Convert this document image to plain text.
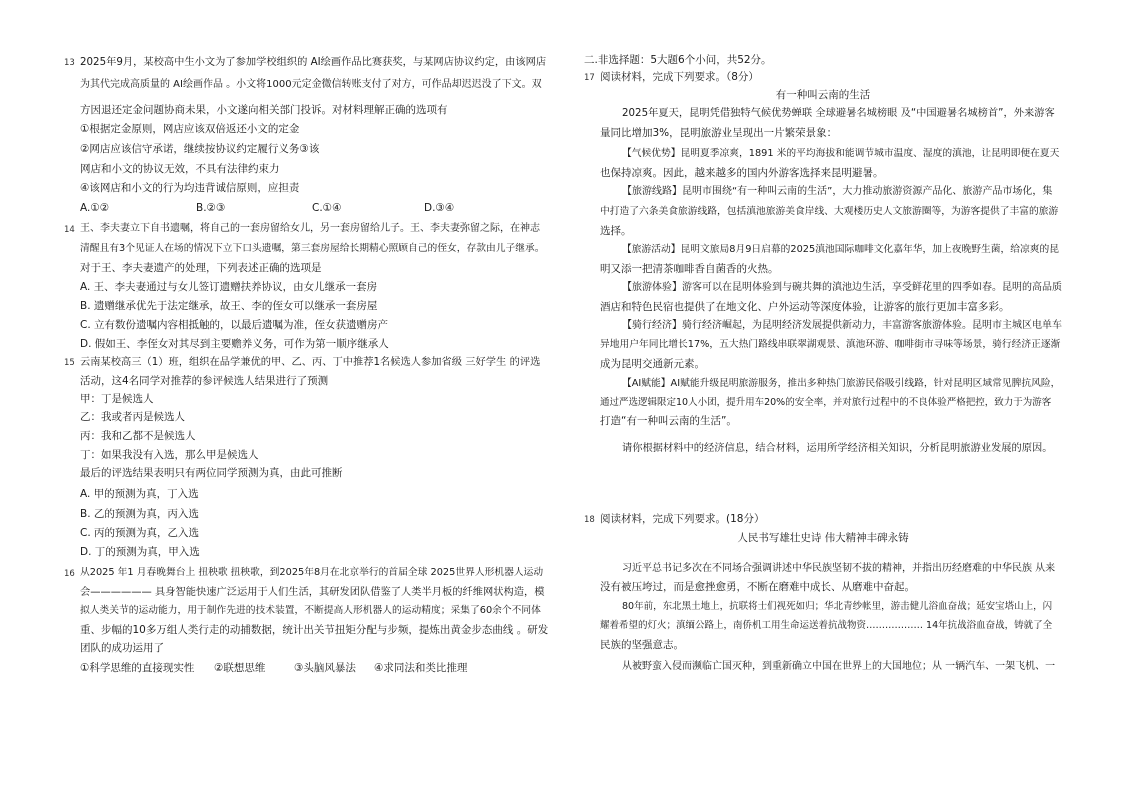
13 2025年9月，某校高中生小文为了参加学校组织的 AI绘画作品比赛获奖，与某网店协议约定，由该网店
为其代完成高质量的 AI绘画作品 。小文将1000元定金微信转账支付了对方，可作品却迟迟没了下文。双
方因退还定金问题协商未果，小文遂向相关部门投诉。对材料理解正确的选项有
①根据定金原则，网店应该双倍返还小文的定金
②网店应该信守承诺，继续按协议约定履行义务③该
网店和小文的协议无效，不具有法律约束力
④该网店和小文的行为均违背诚信原则，应担责
A.①②	B.②③	C.①④	D.③④
14 王、李夫妻立下自书遗嘱，将自己的一套房留给女儿，另一套房留给儿子。王、李夫妻弥留之际，在神志
清醒且有3个见证人在场的情况下立下口头遗嘱，第三套房屋给长期精心照顾自己的侄女，存款由儿子继承。
对于王、李夫妻遗产的处理，下列表述正确的选项是
A. 王、李夫妻通过与女儿签订遗赠扶养协议，由女儿继承一套房
B. 遗赠继承优先于法定继承，故王、李的侄女可以继承一套房屋
C. 立有数份遗嘱内容相抵触的，以最后遗嘱为准，侄女获遗赠房产
D. 假如王、李侄女对其尽到主要赡养义务，可作为第一顺序继承人
15 云南某校高三（1）班，组织在品学兼优的甲、乙、丙、丁中推荐1名候选人参加省级 三好学生 的评选
活动，这4名同学对推荐的参评候选人结果进行了预测
甲：丁是候选人
乙：我或者丙是候选人
丙：我和乙都不是候选人
丁：如果我没有入选，那么甲是候选人
最后的评选结果表明只有两位同学预测为真，由此可推断
A. 甲的预测为真，丁入选
B. 乙的预测为真，丙入选
C. 丙的预测为真，乙入选
D. 丁的预测为真，甲入选
16 从2025 年1 月春晚舞台上 扭秧歌 扭秧歌，到2025年8月在北京举行的首届全球 2025世界人形机器人运动
会—————— 具身智能快速广泛运用于人们生活，其研发团队借鉴了人类半月板的纤维网状构造，模
拟人类关节的运动能力，用于制作先进的技术装置，不断提高人形机器人的运动精度；采集了60余个不同体
重、步幅的10多万组人类行走的动捕数据，统计出关节扭矩分配与步频，提炼出黄金步态曲线 。研发
团队的成功运用了
①科学思维的直接现实性 ②联想思维	③头脑风暴法 ④求同法和类比推理
二.非选择题：5大题6个小问，共52分。
17 阅读材料，完成下列要求。（8分）
有一种叫云南的生活
2025年夏天，昆明凭借独特气候优势蝉联 全球避暑名城榜眼 及“中国避暑名城榜首”，外来游客
量同比增加3%，昆明旅游业呈现出一片繁荣景象：
【气候优势】昆明夏季凉爽，1891 米的平均海拔和能调节城市温度、湿度的滇池，让昆明即便在夏天
也保持凉爽。因此，越来越多的国内外游客选择来昆明避暑。
【旅游线路】昆明市围绕“有一种叫云南的生活”，大力推动旅游资源产品化、旅游产品市场化，集
中打造了六条美食旅游线路，包括滇池旅游美食岸线、大观楼历史人文旅游圈等，为游客提供了丰富的旅游
选择。
【旅游活动】昆明文旅局8月9日启幕的2025滇池国际咖啡文化嘉年华，加上夜晚野生菌，给凉爽的昆
明又添一把清茶咖啡香自菌香的火热。
【旅游体验】游客可以在昆明体验到与碗共舞的滇池边生活，享受鲜花里的四季如春。昆明的高品质
酒店和特色民宿也提供了在地文化、户外运动等深度体验，让游客的旅行更加丰富多彩。
【骑行经济】骑行经济崛起，为昆明经济发展提供新动力，丰富游客旅游体验。昆明市主城区电单车
异地用户年同比增长17%，五大热门路线串联翠湖观景、滇池环游、咖啡街市寻味等场景，骑行经济正逐渐
成为昆明交通新元素。
【AI赋能】AI赋能升级昆明旅游服务，推出多种热门旅游民俗吸引线路，针对昆明区域常见脾抗风险，
通过严选逻辑限定10人小团，提升用车20%的安全率，并对旅行过程中的不良体验严格把控，致力于为游客
打造“有一种叫云南的生活”。
请你根据材料中的经济信息，结合材料，运用所学经济相关知识，分析昆明旅游业发展的原因。
18 阅读材料，完成下列要求。(18分）
人民书写雄壮史诗 伟大精神丰碑永铸
习近平总书记多次在不同场合强调讲述中华民族坚韧不拔的精神，并指出历经磨难的中华民族 从来
没有被压垮过，而是愈挫愈勇，不断在磨难中成长、从磨难中奋起。
80年前，东北黑土地上，抗联将士们视死如归；华北青纱帐里，游击健儿浴血奋战；延安宝塔山上，闪
耀着希望的灯火；滇缅公路上，南侨机工用生命运送着抗战物资……………… 14年抗战浴血奋战，铸就了全
民族的坚强意志。
从被野蛮入侵而濒临亡国灭种，到重新确立中国在世界上的大国地位；从 一辆汽车、一架飞机、一
